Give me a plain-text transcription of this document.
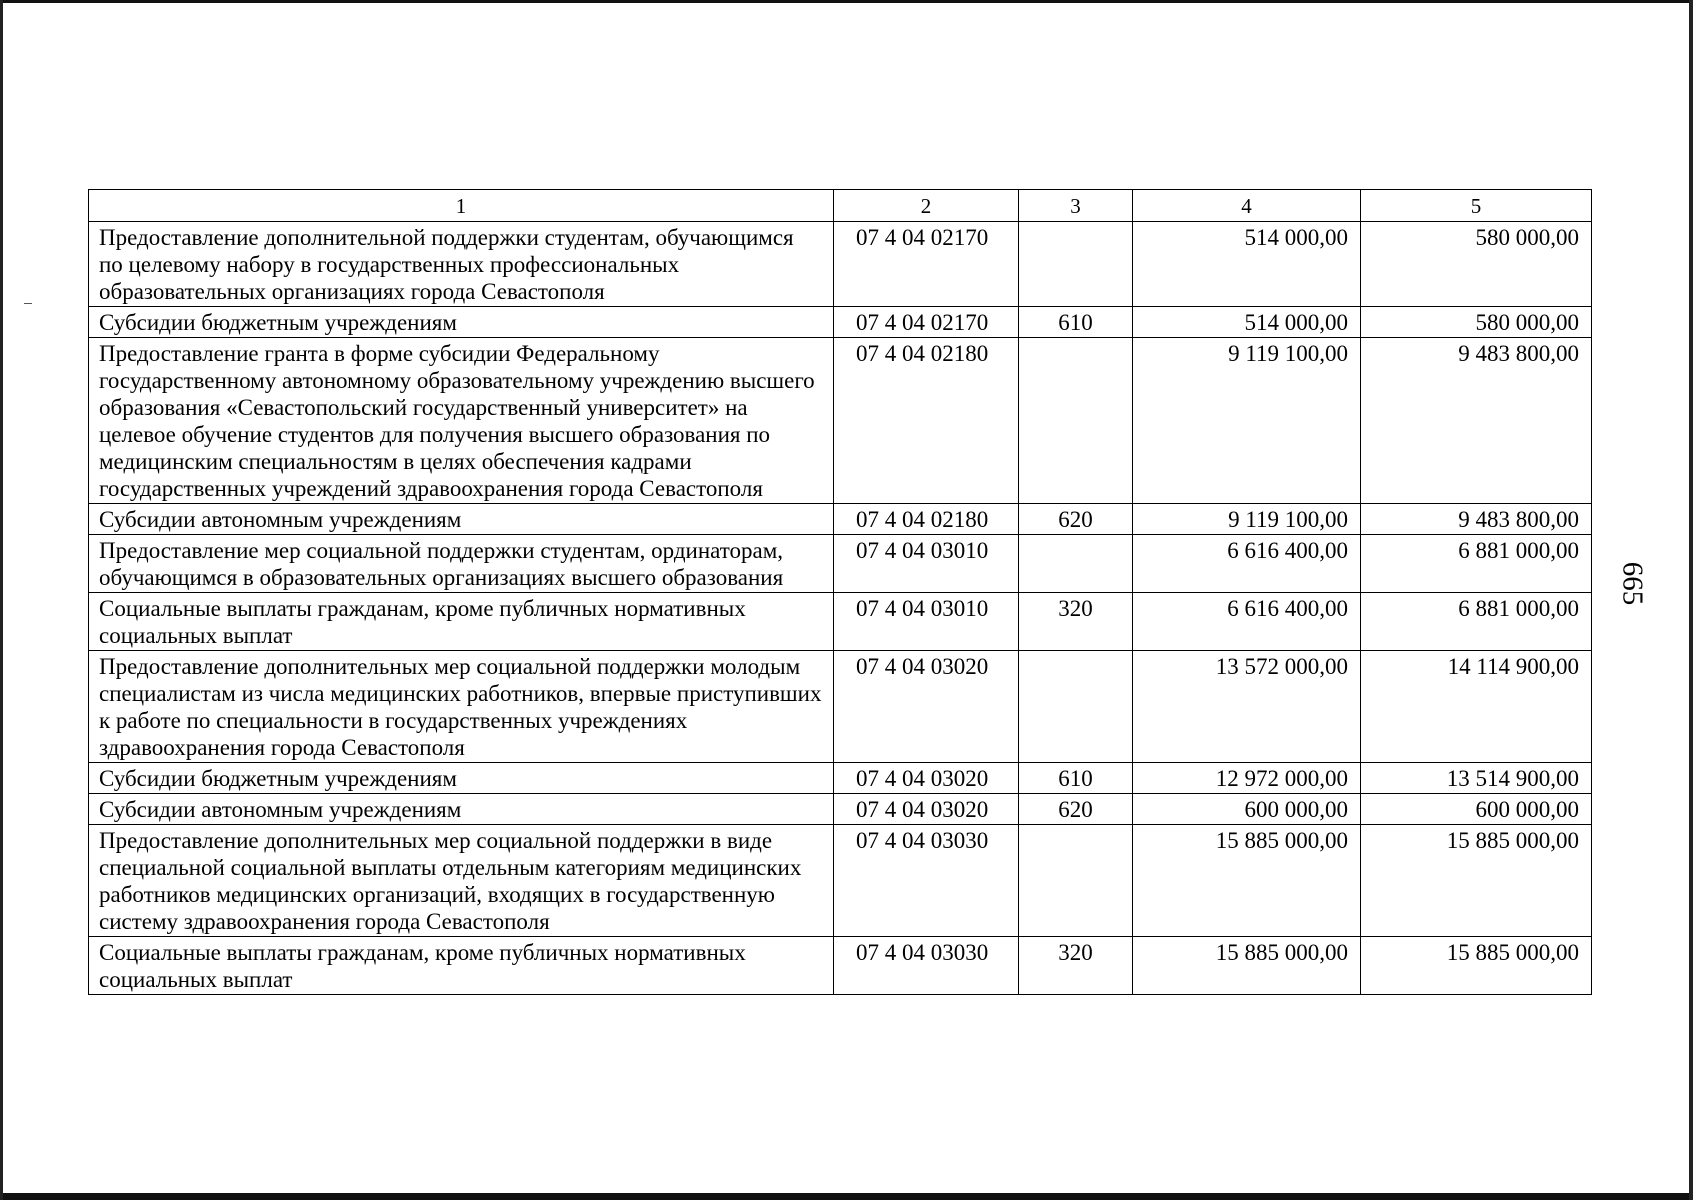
1	2	3	4	5
Предоставление дополнительной поддержки студентам, обучающимся по целевому набору в государственных профессиональных образовательных организациях города Севастополя	07 4 04 02170		514 000,00	580 000,00
Субсидии бюджетным учреждениям	07 4 04 02170	610	514 000,00	580 000,00
Предоставление гранта в форме субсидии Федеральному государственному автономному образовательному учреждению высшего образования «Севастопольский государственный университет» на целевое обучение студентов для получения высшего образования по медицинским специальностям в целях обеспечения кадрами государственных учреждений здравоохранения города Севастополя	07 4 04 02180		9 119 100,00	9 483 800,00
Субсидии автономным учреждениям	07 4 04 02180	620	9 119 100,00	9 483 800,00
Предоставление мер социальной поддержки студентам, ординаторам, обучающимся в образовательных организациях высшего образования	07 4 04 03010		6 616 400,00	6 881 000,00
Социальные выплаты гражданам, кроме публичных нормативных социальных выплат	07 4 04 03010	320	6 616 400,00	6 881 000,00
Предоставление дополнительных мер социальной поддержки молодым специалистам из числа медицинских работников, впервые приступивших к работе по специальности в государственных учреждениях здравоохранения города Севастополя	07 4 04 03020		13 572 000,00	14 114 900,00
Субсидии бюджетным учреждениям	07 4 04 03020	610	12 972 000,00	13 514 900,00
Субсидии автономным учреждениям	07 4 04 03020	620	600 000,00	600 000,00
Предоставление дополнительных мер социальной поддержки в виде специальной социальной выплаты отдельным категориям медицинских работников медицинских организаций, входящих в государственную систему здравоохранения города Севастополя	07 4 04 03030		15 885 000,00	15 885 000,00
Социальные выплаты гражданам, кроме публичных нормативных социальных выплат	07 4 04 03030	320	15 885 000,00	15 885 000,00
665
